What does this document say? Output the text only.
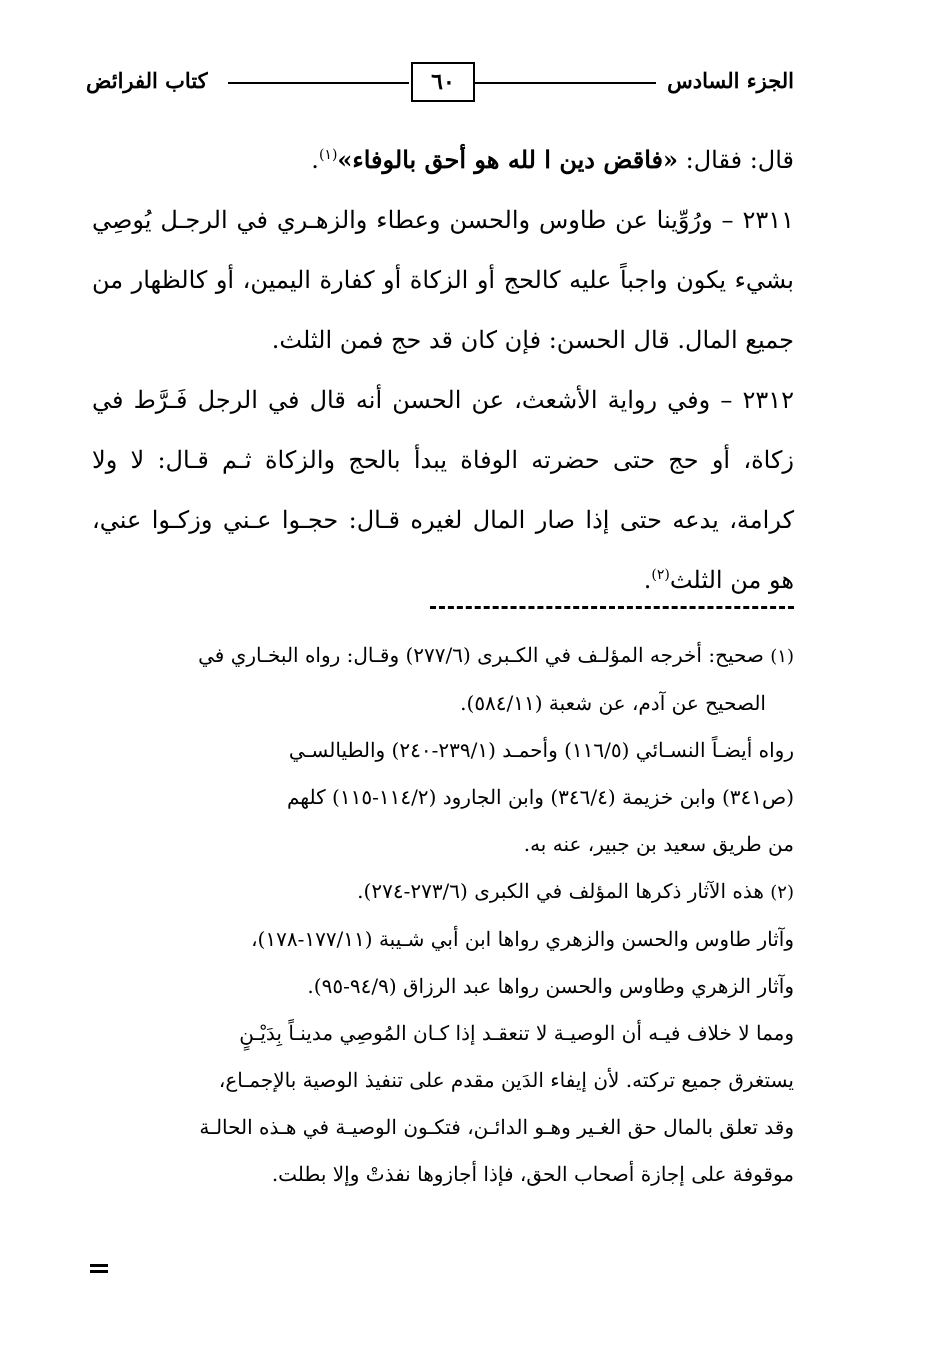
الجزء السادس
٦٠
كتاب الفرائض

قال: فقال: «فاقض دين ا لله هو أحق بالوفاء»$^{(١)}$.

٢٣١١ – ورُوِّينا عن طاوس والحسن وعطاء والزهـري في الرجـل يُوصِي بشيء يكون واجباً عليه كالحج أو الزكاة أو كفارة اليمين، أو كالظهار من جميع المال. قال الحسن: فإن كان قد حج فمن الثلث.

٢٣١٢ – وفي رواية الأشعث، عن الحسن أنه قال في الرجل فَـرَّط في زكاة، أو حج حتى حضرته الوفاة يبدأ بالحج والزكاة ثـم قـال: لا ولا كرامة، يدعه حتى إذا صار المال لغيره قـال: حجـوا عـني وزكـوا عني، هو من الثلث$^{(٢)}$.

(١) صحيح: أخرجه المؤلـف في الكـبرى (٢٧٧/٦) وقـال: رواه البخـاري في
الصحيح عن آدم، عن شعبة (٥٨٤/١١).
رواه أيضـاً النسـائي (١١٦/٥) وأحمـد (٢٣٩/١-٢٤٠) والطيالسـي
(ص٣٤١) وابن خزيمة (٣٤٦/٤) وابن الجارود (١١٤/٢-١١٥) كلهم
من طريق سعيد بن جبير، عنه به.
(٢) هذه الآثار ذكرها المؤلف في الكبرى (٢٧٣/٦-٢٧٤).
وآثار طاوس والحسن والزهري رواها ابن أبي شـيبة (١٧٧/١١-١٧٨)،
وآثار الزهري وطاوس والحسن رواها عبد الرزاق (٩٤/٩-٩٥).
ومما لا خلاف فيـه أن الوصيـة لا تنعقـد إذا كـان المُوصِي مدينـاً بِدَيْـنٍ
يستغرق جميع تركته. لأن إيفاء الدَين مقدم على تنفيذ الوصية بالإجمـاع،
وقد تعلق بالمال حق الغـير وهـو الدائـن، فتكـون الوصيـة في هـذه الحالـة
موقوفة على إجازة أصحاب الحق، فإذا أجازوها نفذتْ وإلا بطلت.
